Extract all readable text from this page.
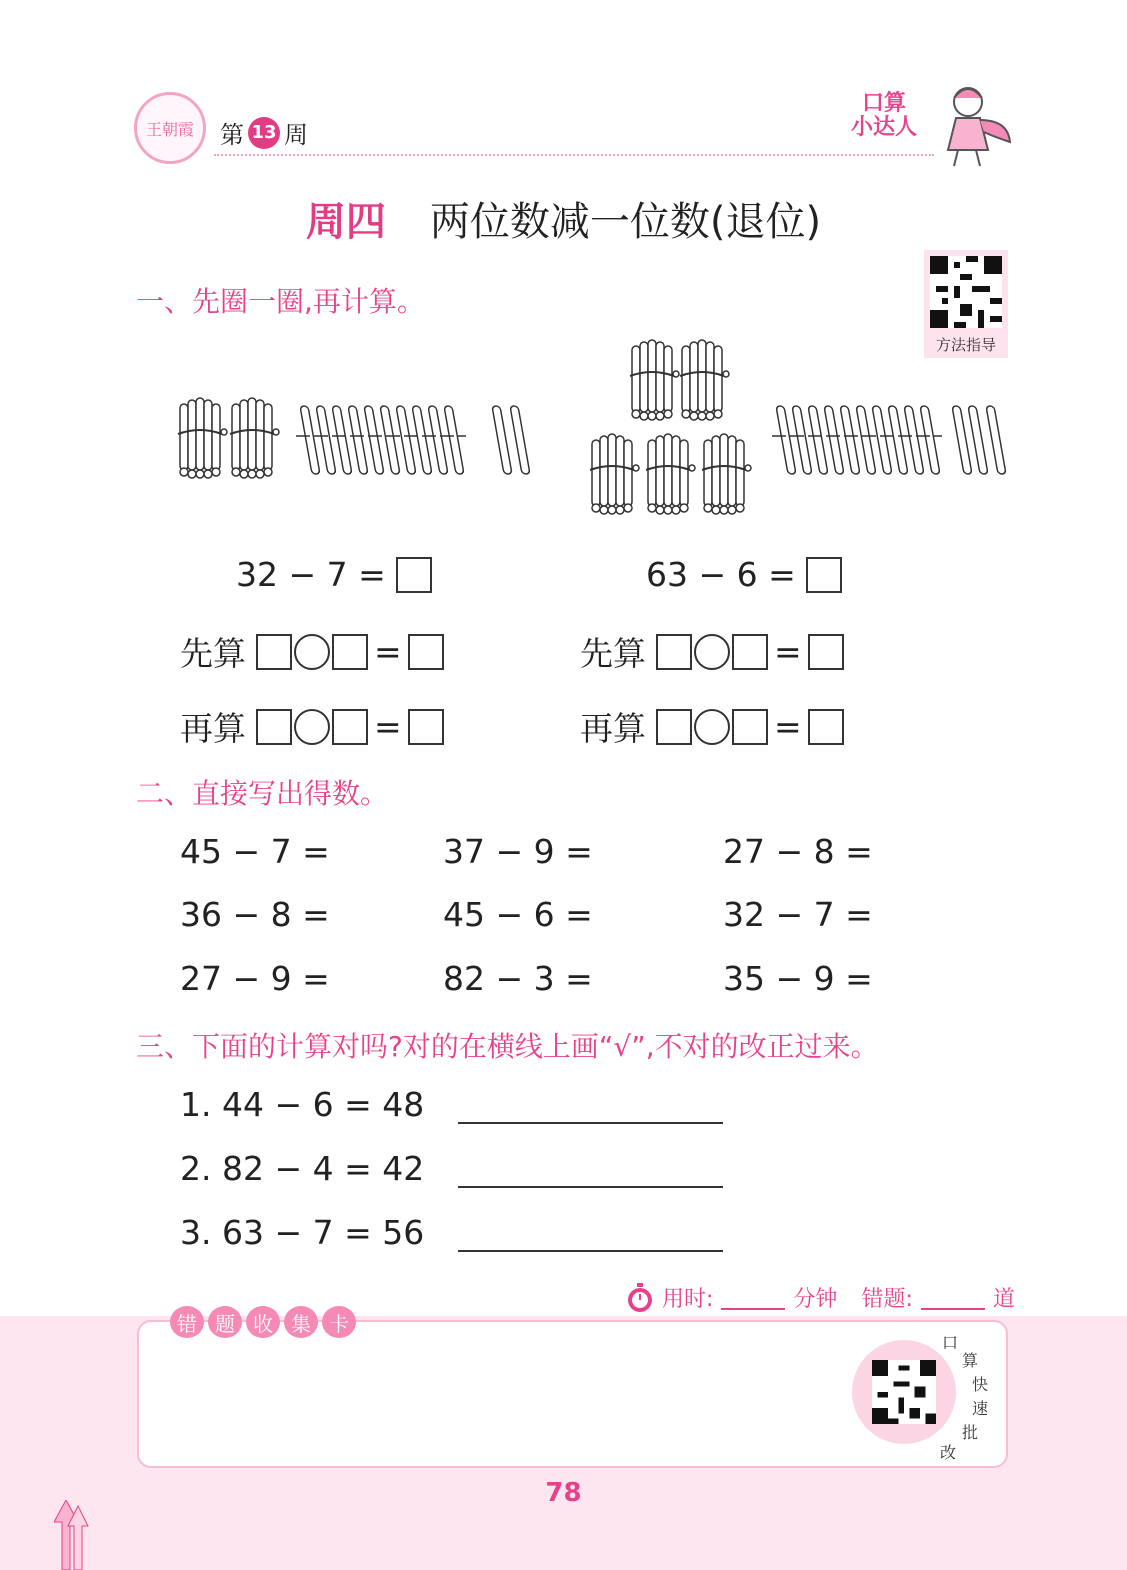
王朝霞 第 13 周
口算
小达人
周四 两位数减一位数(退位)
方法指导
一、先圈一圈,再计算。
32 − 7 =	63 − 6 =
先算	=	先算	=
再算	=	再算	=
二、直接写出得数。
45 − 7 =	37 − 9 =	27 − 8 =
36 − 8 =	45 − 6 =	32 − 7 =
27 − 9 =	82 − 3 =	35 − 9 =
三、下面的计算对吗?对的在横线上画“√”,不对的改正过来。
1. 44 − 6 = 48
2. 82 − 4 = 42
3. 63 − 7 = 56
用时:	分钟 错题:	道
错 题 收 集 卡
口
算
快
速
批
改
78
